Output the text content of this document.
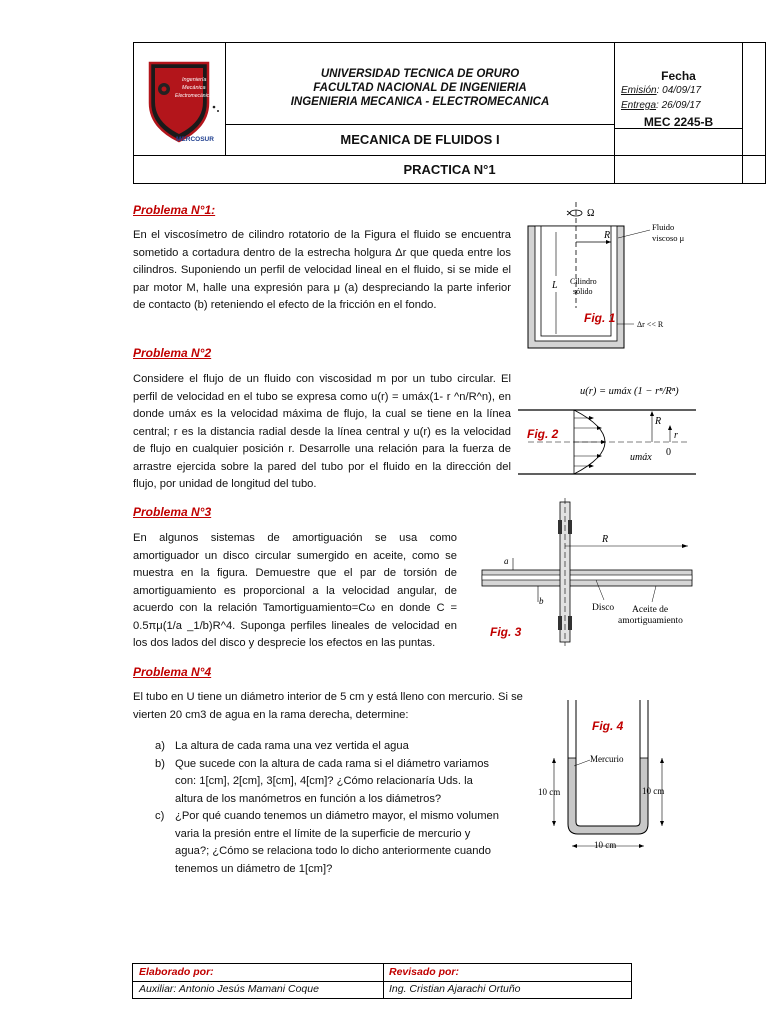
Ingeniería
Mecánica
Electromecánica
MERCOSUR
UNIVERSIDAD TECNICA DE ORURO
FACULTAD NACIONAL DE INGENIERIA
INGENIERIA MECANICA - ELECTROMECANICA
MECANICA DE FLUIDOS I
PRACTICA N°1
Fecha
Emisión: 04/09/17
Entrega: 26/09/17
MEC 2245-B
Problema N°1:
En el viscosímetro de cilindro rotatorio de la Figura el fluido se encuentra sometido a cortadura dentro de la estrecha holgura Δr que queda entre los cilindros. Suponiendo un perfil de velocidad lineal en el fluido, si se mide el par motor M, halle una expresión para μ (a) despreciando la parte inferior de contacto (b) reteniendo el efecto de la fricción en el fondo.
Ω
R
L Cilindro
sólido
Fluido
viscoso μ
Δr << R
Fig. 1
Problema N°2
Considere el flujo de un fluido con viscosidad m por un tubo circular. El perfil de velocidad en el tubo se expresa como u(r) = umáx(1- r ^n/R^n), en donde umáx es la velocidad máxima de flujo, la cual se tiene en la línea central; r es la distancia radial desde la línea central y u(r) es la velocidad de flujo en cualquier posición r. Desarrolle una relación para la fuerza de arrastre ejercida sobre la pared del tubo por el fluido en la dirección del flujo, por unidad de longitud del tubo.
u(r) = umáx (1 − rⁿ/Rⁿ)
R
r
0
umáx
Fig. 2
Problema N°3
En algunos sistemas de amortiguación se usa como amortiguador un disco circular sumergido en aceite, como se muestra en la figura. Demuestre que el par de torsión de amortiguamiento es proporcional a la velocidad angular, de acuerdo con la relación Tamortiguamiento=Cω en donde C = 0.5πμ(1/a _1/b)R^4. Suponga perfiles lineales de velocidad en los dos lados del disco y desprecie los efectos en las puntas.
R
a
b
Disco Aceite de
amortiguamiento
Fig. 3
Problema N°4
El tubo en U tiene un diámetro interior de 5 cm y está lleno con mercurio. Si se vierten 20 cm3 de agua en la rama derecha, determine:
a) La altura de cada rama una vez vertida el agua
b) Que sucede con la altura de cada rama si el diámetro variamos con: 1[cm], 2[cm], 3[cm], 4[cm]? ¿Cómo relacionaría Uds. la altura de los manómetros en función a los diámetros?
c) ¿Por qué cuando tenemos un diámetro mayor, el mismo volumen varia la presión entre el límite de la superficie de mercurio y agua?; ¿Cómo se relaciona todo lo dicho anteriormente cuando tenemos un diámetro de 1[cm]?
Mercurio
10 cm	10 cm
10 cm
Fig. 4
Elaborado por:
Auxiliar: Antonio Jesús Mamani Coque
Revisado por:
Ing. Cristian Ajarachi Ortuño
